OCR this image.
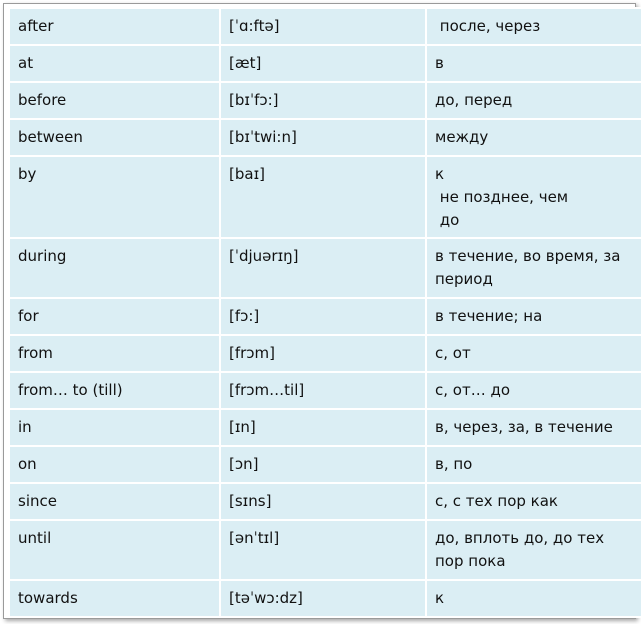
after	[ˈɑ:ftə]	после, через

at	[æt]	в

before	[bɪˈfɔ:]	до, перед

between	[bɪˈtwi:n]	между

by	[baɪ]	к
не позднее, чем
до

during	[ˈdjuərɪŋ]	в течение, во время, за
период

for	[fɔ:]	в течение; на

from	[frɔm]	с, от

from… to (till)	[frɔm…til]	с, от… до

in	[ɪn]	в, через, за, в течение

on	[ɔn]	в, по

since	[sɪns]	с, с тех пор как

until	[ənˈtɪl]	до, вплоть до, до тех
пор пока

towards	[təˈwɔ:dz]	к
